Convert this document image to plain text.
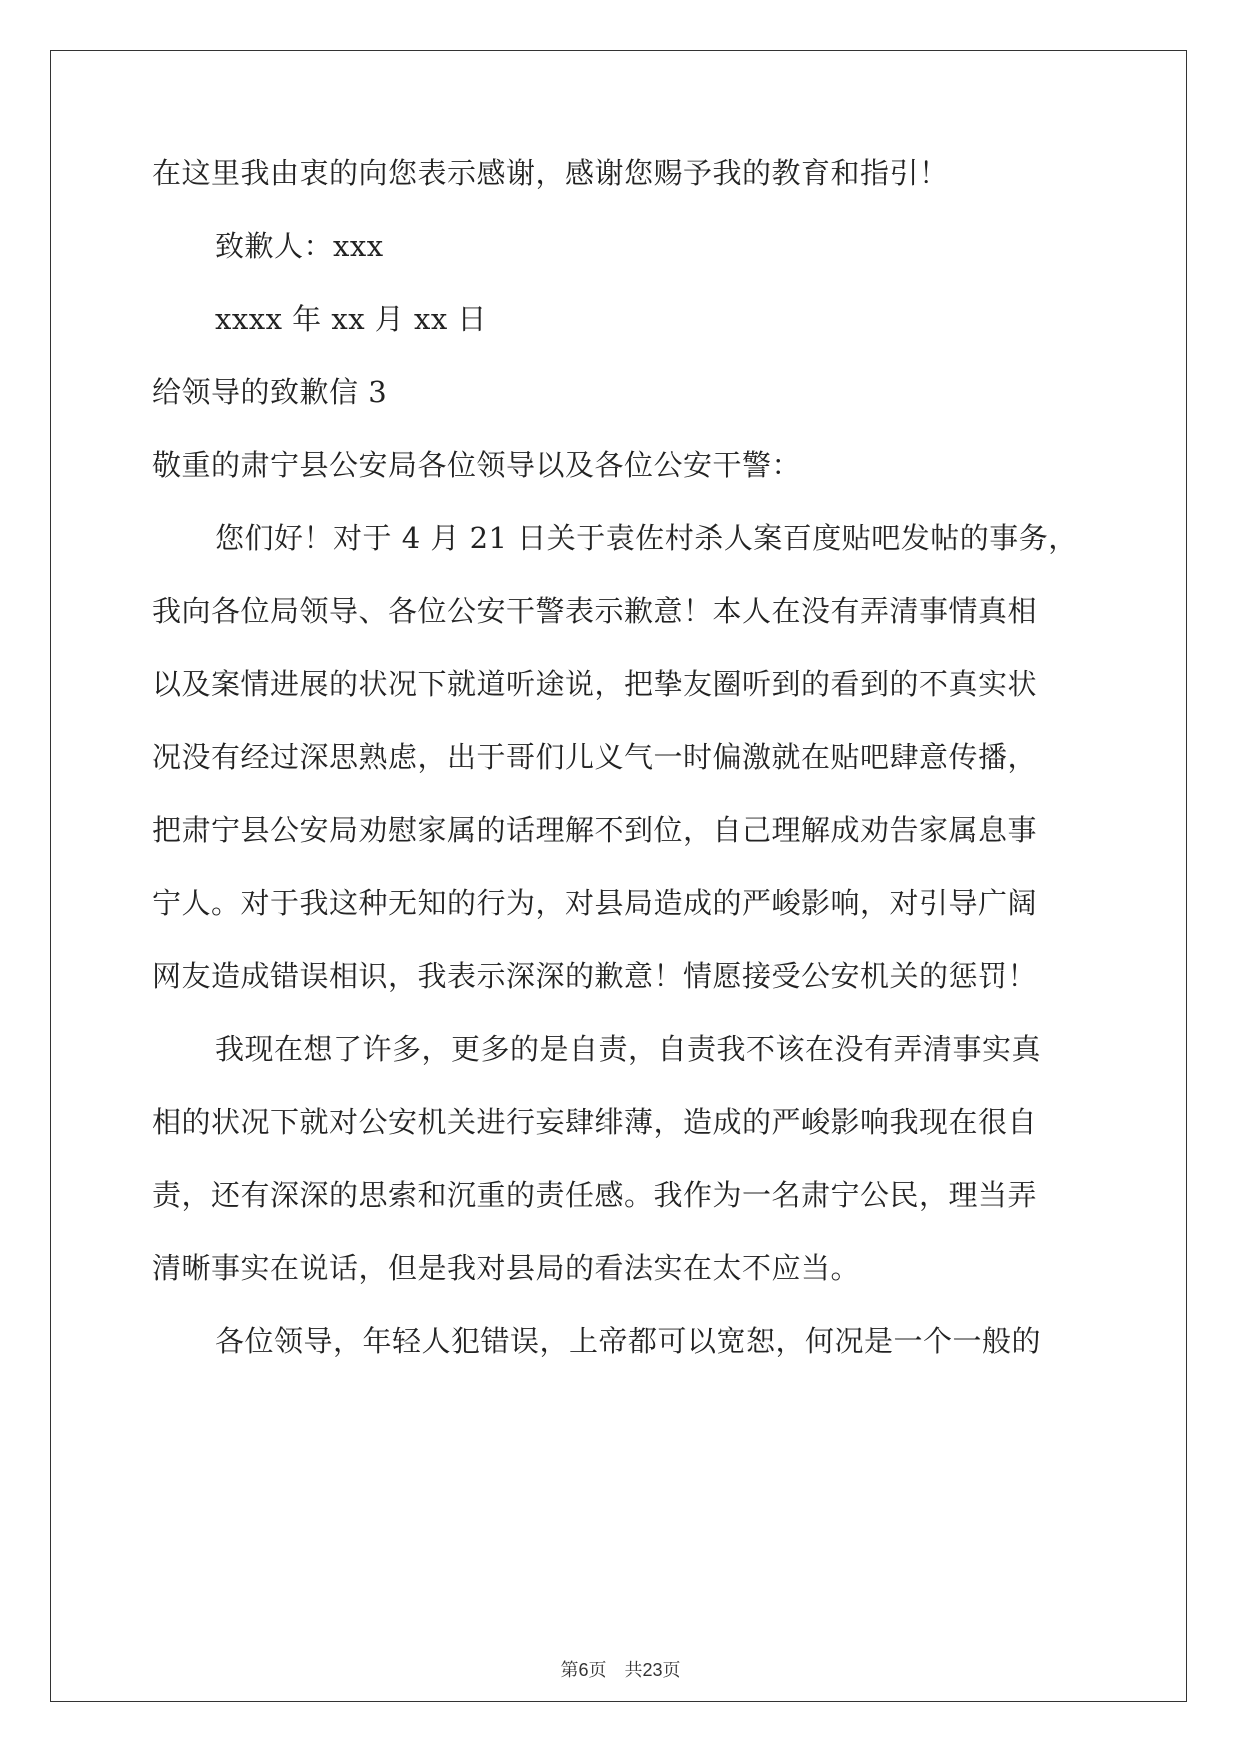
在这里我由衷的向您表示感谢，感谢您赐予我的教育和指引！
致歉人：xxx
xxxx 年 xx 月 xx 日
给领导的致歉信 3
敬重的肃宁县公安局各位领导以及各位公安干警：
您们好！对于 4 月 21 日关于袁佐村杀人案百度贴吧发帖的事务，
我向各位局领导、各位公安干警表示歉意！本人在没有弄清事情真相
以及案情进展的状况下就道听途说，把挚友圈听到的看到的不真实状
况没有经过深思熟虑，出于哥们儿义气一时偏激就在贴吧肆意传播，
把肃宁县公安局劝慰家属的话理解不到位，自己理解成劝告家属息事
宁人。对于我这种无知的行为，对县局造成的严峻影响，对引导广阔
网友造成错误相识，我表示深深的歉意！情愿接受公安机关的惩罚！
我现在想了许多，更多的是自责，自责我不该在没有弄清事实真
相的状况下就对公安机关进行妄肆绯薄，造成的严峻影响我现在很自
责，还有深深的思索和沉重的责任感。我作为一名肃宁公民，理当弄
清晰事实在说话，但是我对县局的看法实在太不应当。
各位领导，年轻人犯错误，上帝都可以宽恕，何况是一个一般的
第6页 共23页
